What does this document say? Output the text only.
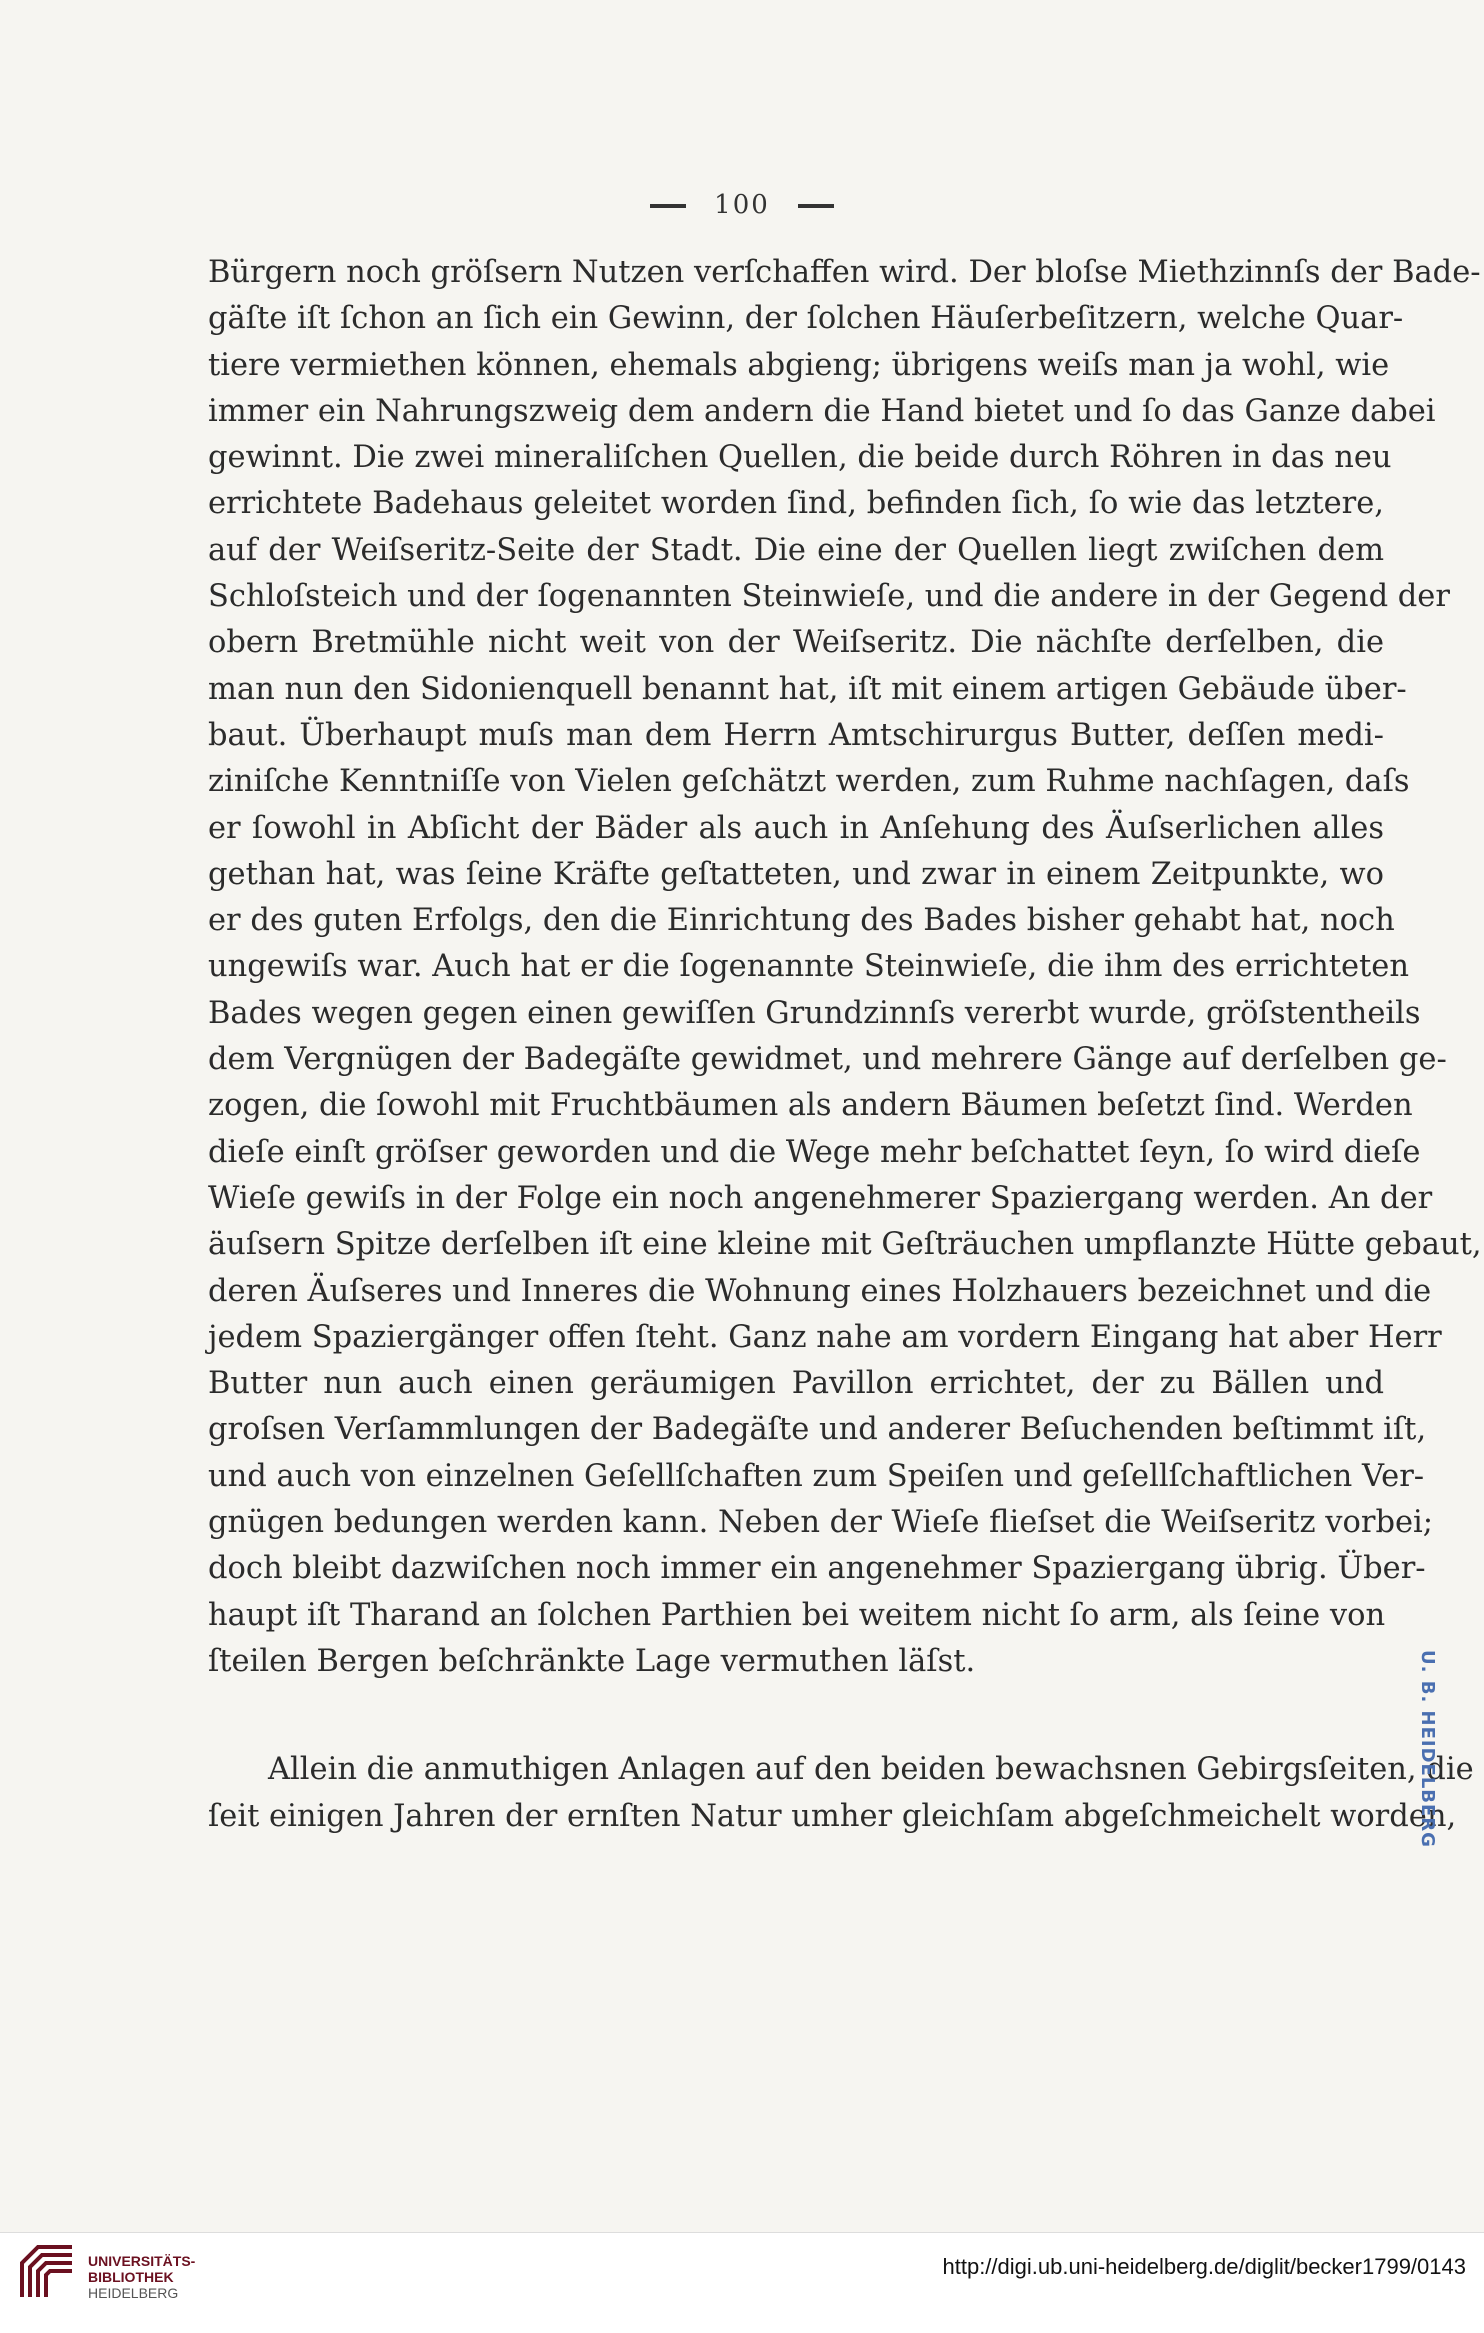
100
Bürgern noch gröſsern Nutzen verſchaffen wird. Der bloſse Miethzinnſs der Bade-
gäſte iſt ſchon an ſich ein Gewinn, der ſolchen Häuſerbeſitzern, welche Quar-
tiere vermiethen können, ehemals abgieng; übrigens weiſs man ja wohl, wie
immer ein Nahrungszweig dem andern die Hand bietet und ſo das Ganze dabei
gewinnt. Die zwei mineraliſchen Quellen, die beide durch Röhren in das neu
errichtete Badehaus geleitet worden ſind, befinden ſich, ſo wie das letztere,
auf der Weiſseritz-Seite der Stadt. Die eine der Quellen liegt zwiſchen dem
Schloſsteich und der ſogenannten Steinwieſe, und die andere in der Gegend der
obern Bretmühle nicht weit von der Weiſseritz. Die nächſte derſelben, die
man nun den Sidonienquell benannt hat, iſt mit einem artigen Gebäude über-
baut. Überhaupt muſs man dem Herrn Amtschirurgus Butter, deſſen medi-
ziniſche Kenntniſſe von Vielen geſchätzt werden, zum Ruhme nachſagen, daſs
er ſowohl in Abſicht der Bäder als auch in Anſehung des Äuſserlichen alles
gethan hat, was ſeine Kräfte geſtatteten, und zwar in einem Zeitpunkte, wo
er des guten Erfolgs, den die Einrichtung des Bades bisher gehabt hat, noch
ungewiſs war. Auch hat er die ſogenannte Steinwieſe, die ihm des errichteten
Bades wegen gegen einen gewiſſen Grundzinnſs vererbt wurde, gröſstentheils
dem Vergnügen der Badegäſte gewidmet, und mehrere Gänge auf derſelben ge-
zogen, die ſowohl mit Fruchtbäumen als andern Bäumen beſetzt ſind. Werden
dieſe einſt gröſser geworden und die Wege mehr beſchattet ſeyn, ſo wird dieſe
Wieſe gewiſs in der Folge ein noch angenehmerer Spaziergang werden. An der
äuſsern Spitze derſelben iſt eine kleine mit Geſträuchen umpflanzte Hütte gebaut,
deren Äuſseres und Inneres die Wohnung eines Holzhauers bezeichnet und die
jedem Spaziergänger offen ſteht. Ganz nahe am vordern Eingang hat aber Herr
Butter nun auch einen geräumigen Pavillon errichtet, der zu Bällen und
groſsen Verſammlungen der Badegäſte und anderer Beſuchenden beſtimmt iſt,
und auch von einzelnen Geſellſchaften zum Speiſen und geſellſchaftlichen Ver-
gnügen bedungen werden kann. Neben der Wieſe flieſset die Weiſseritz vorbei;
doch bleibt dazwiſchen noch immer ein angenehmer Spaziergang übrig. Über-
haupt iſt Tharand an ſolchen Parthien bei weitem nicht ſo arm, als ſeine von
ſteilen Bergen beſchränkte Lage vermuthen läſst.
Allein die anmuthigen Anlagen auf den beiden bewachsnen Gebirgsſeiten, die
ſeit einigen Jahren der ernſten Natur umher gleichſam abgeſchmeichelt worden,
U. B. HEIDELBERG
UNIVERSITÄTS-
BIBLIOTHEK
HEIDELBERG
http://digi.ub.uni-heidelberg.de/diglit/becker1799/0143
